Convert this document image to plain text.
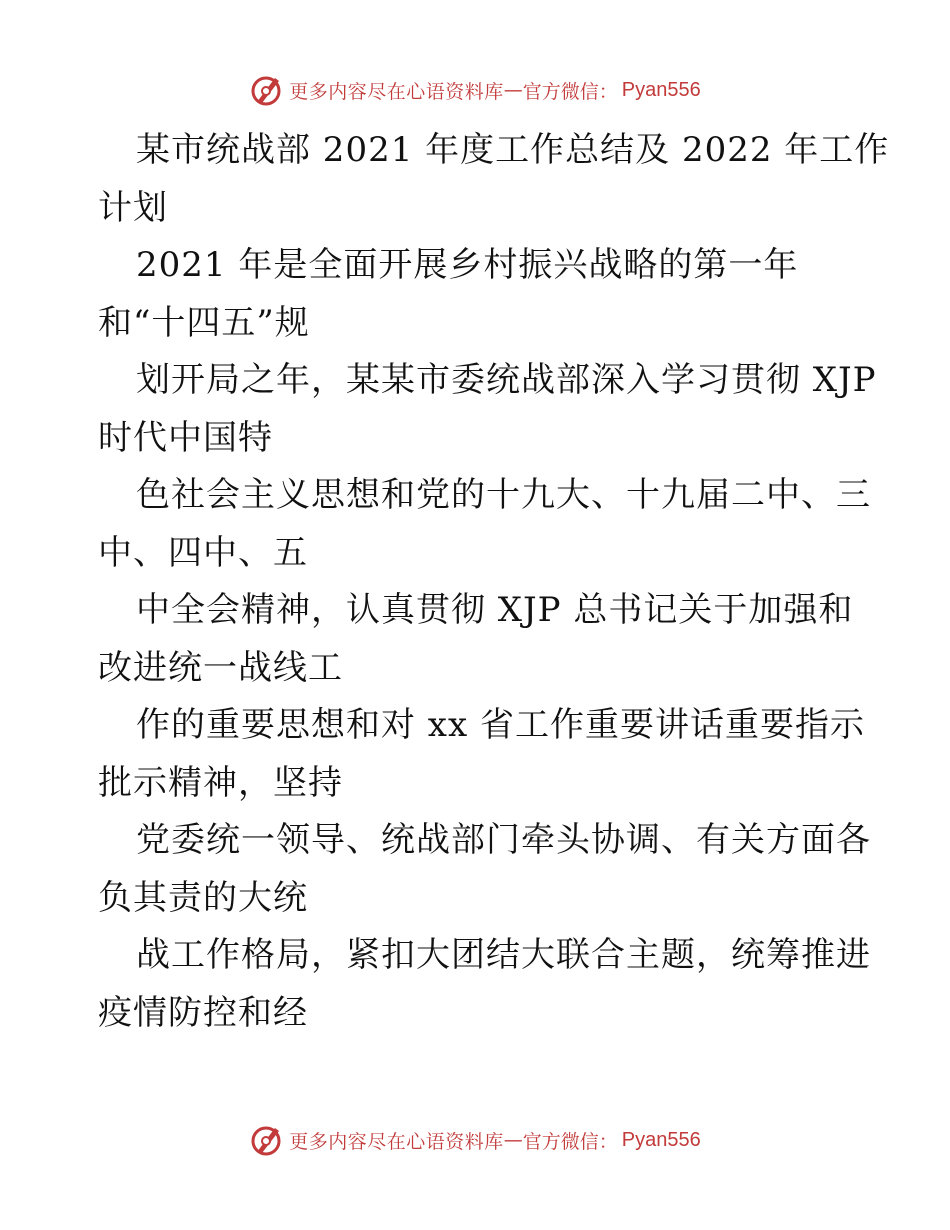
更多内容尽在心语资料库 — 官方微信： Pyan556
某市统战部 2021 年度工作总结及 2022 年工作
计划
2021 年是全面开展乡村振兴战略的第一年
和“十四五”规
划开局之年，某某市委统战部深入学习贯彻 XJP
时代中国特
色社会主义思想和党的十九大、十九届二中、三
中、四中、五
中全会精神，认真贯彻 XJP 总书记关于加强和
改进统一战线工
作的重要思想和对 xx 省工作重要讲话重要指示
批示精神，坚持
党委统一领导、统战部门牵头协调、有关方面各
负其责的大统
战工作格局，紧扣大团结大联合主题，统筹推进
疫情防控和经
更多内容尽在心语资料库 — 官方微信： Pyan556
